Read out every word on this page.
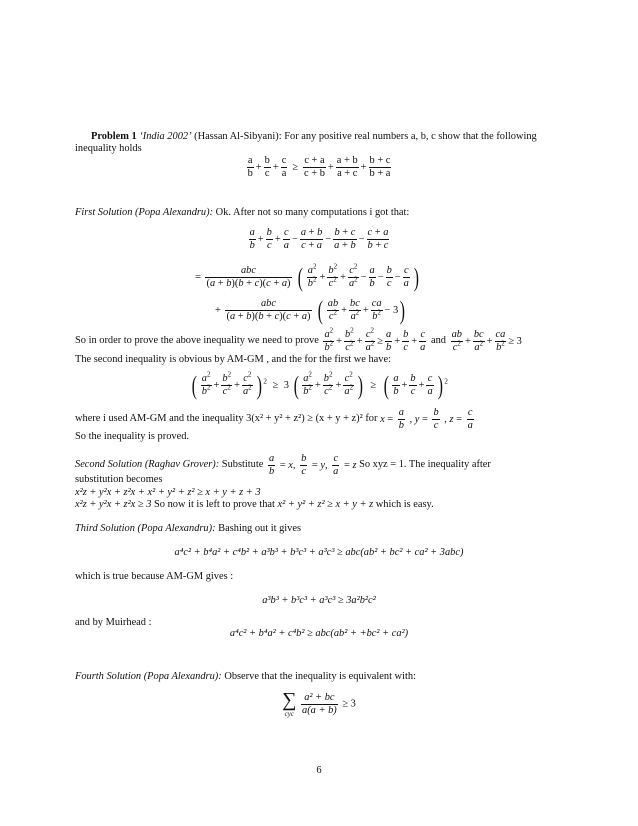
Problem 1 ‘India 2002’ (Hassan Al-Sibyani): For any positive real numbers a, b, c show that the following inequality holds
$\frac{a}{b} + \frac{b}{c} + \frac{c}{a} \ge \frac{c + a}{c + b} + \frac{a + b}{a + c} + \frac{b + c}{b + a}$
First Solution (Popa Alexandru): Ok. After not so many computations i got that:
$\frac{a}{b} + \frac{b}{c} + \frac{c}{a} - \frac{a + b}{c + a} - \frac{b + c}{a + b} - \frac{c + a}{b + c}$
=
abc
(a + b)(b + c)(c + a) ( $\frac{a^2}{b^2} + \frac{b^2}{c^2} + \frac{c^2}{a^2} - \frac{a}{b} - \frac{b}{c} - \frac{c}{a}$ )
+
abc
(a + b)(b + c)(c + a) ( $\frac{ab}{c^2} + \frac{bc}{a^2} + \frac{ca}{b^2} - 3$)
So in order to prove the above inequality we need to prove $\frac{a^2}{b^2} + \frac{b^2}{c^2} + \frac{c^2}{a^2} \ge \frac{a}{b} + \frac{b}{c} + \frac{c}{a}$ and $\frac{ab}{c^2} + \frac{bc}{a^2} + \frac{ca}{b^2} \ge 3$
The second inequality is obvious by AM-GM , and the for the first we have:
( $\frac{a^2}{b^2} + \frac{b^2}{c^2} + \frac{c^2}{a^2}$ ) $^2$ ≥ 3 ( $\frac{a^2}{b^2} + \frac{b^2}{c^2} + \frac{c^2}{a^2}$ ) ≥ ( $\frac{a}{b} + \frac{b}{c} + \frac{c}{a}$ ) $^2$
where i used AM-GM and the inequality 3(x² + y² + z²) ≥ (x + y + z)² for $x = \frac{a}{b}$ , $y = \frac{b}{c}$ , $z = \frac{c}{a}$
So the inequality is proved.
Second Solution (Raghav Grover): Substitute $\frac{a}{b} = x$, $\frac{b}{c} = y$, $\frac{c}{a} = z$ So xyz = 1. The inequality after
substitution becomes
x²z + y²x + z²x + x² + y² + z² ≥ x + y + z + 3
x²z + y²x + z²x ≥ 3 So now it is left to prove that x² + y² + z² ≥ x + y + z which is easy.
Third Solution (Popa Alexandru): Bashing out it gives
a⁴c² + b⁴a² + c⁴b² + a³b³ + b³c³ + a³c³ ≥ abc(ab² + bc² + ca² + 3abc)
which is true because AM-GM gives :
a³b³ + b³c³ + a³c³ ≥ 3a²b²c²
and by Muirhead :
a⁴c² + b⁴a² + c⁴b² ≥ abc(ab² + +bc² + ca²)
Fourth Solution (Popa Alexandru): Observe that the inequality is equivalent with:
∑
cyc
$\frac{\text{a² + bc}}{a(a + b)} \ge 3$
6
